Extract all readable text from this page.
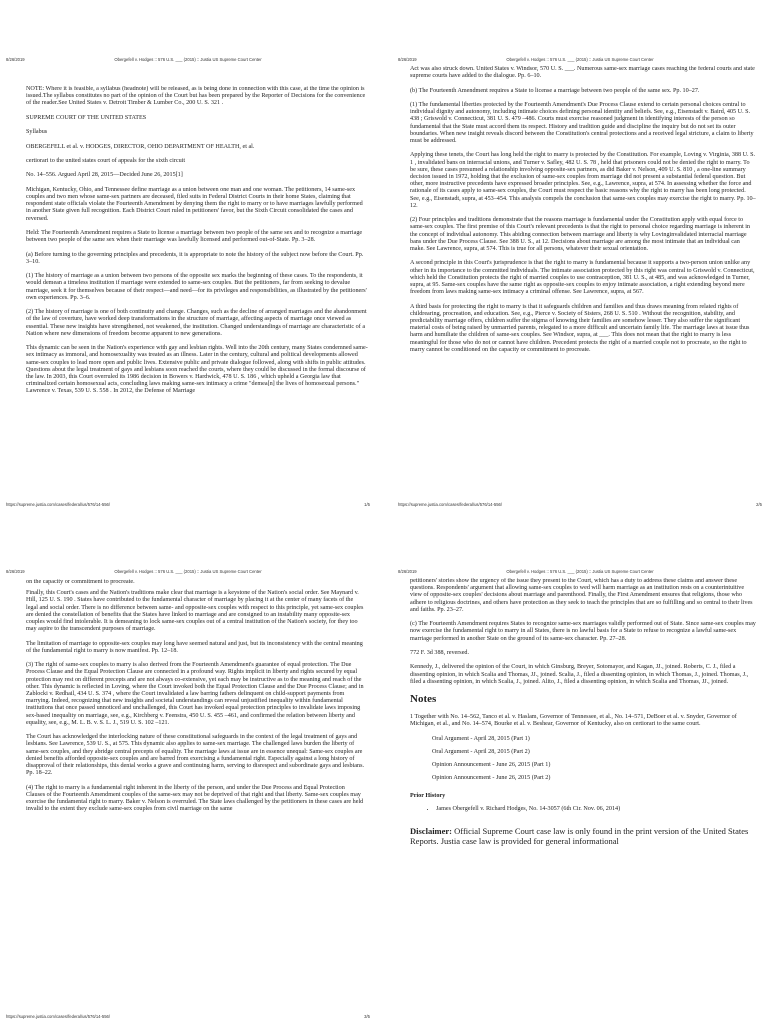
8/26/2019	Obergefell v. Hodges :: 576 U.S. ___ (2015) :: Justia US Supreme Court Center

NOTE: Where it is feasible, a syllabus (headnote) will be released, as is being done in connection with this case, at the time the opinion is issued.The syllabus constitutes no part of the opinion of the Court but has been prepared by the Reporter of Decisions for the convenience of the reader.See United States v. Detroit Timber & Lumber Co., 200 U. S. 321 .

SUPREME COURT OF THE UNITED STATES

Syllabus

OBERGEFELL et al. v. HODGES, DIRECTOR, OHIO DEPARTMENT OF HEALTH, et al.

certiorari to the united states court of appeals for the sixth circuit

No. 14–556. Argued April 28, 2015—Decided June 26, 2015[1]

Michigan, Kentucky, Ohio, and Tennessee define marriage as a union between one man and one woman. The petitioners, 14 same-sex couples and two men whose same-sex partners are deceased, filed suits in Federal District Courts in their home States, claiming that respondent state officials violate the Fourteenth Amendment by denying them the right to marry or to have marriages lawfully performed in another State given full recognition. Each District Court ruled in petitioners' favor, but the Sixth Circuit consolidated the cases and reversed.

Held: The Fourteenth Amendment requires a State to license a marriage between two people of the same sex and to recognize a marriage between two people of the same sex when their marriage was lawfully licensed and performed out-of-State. Pp. 3–28.

(a) Before turning to the governing principles and precedents, it is appropriate to note the history of the subject now before the Court. Pp. 3–10.

(1) The history of marriage as a union between two persons of the opposite sex marks the beginning of these cases. To the respondents, it would demean a timeless institution if marriage were extended to same-sex couples. But the petitioners, far from seeking to devalue marriage, seek it for themselves because of their respect—and need—for its privileges and responsibilities, as illustrated by the petitioners' own experiences. Pp. 3–6.

(2) The history of marriage is one of both continuity and change. Changes, such as the decline of arranged marriages and the abandonment of the law of coverture, have worked deep transformations in the structure of marriage, affecting aspects of marriage once viewed as essential. These new insights have strengthened, not weakened, the institution. Changed understandings of marriage are characteristic of a Nation where new dimensions of freedom become apparent to new generations.

This dynamic can be seen in the Nation's experience with gay and lesbian rights. Well into the 20th century, many States condemned same-sex intimacy as immoral, and homosexuality was treated as an illness. Later in the century, cultural and political developments allowed same-sex couples to lead more open and public lives. Extensive public and private dialogue followed, along with shifts in public attitudes. Questions about the legal treatment of gays and lesbians soon reached the courts, where they could be discussed in the formal discourse of the law. In 2003, this Court overruled its 1986 decision in Bowers v. Hardwick, 478 U. S. 186 , which upheld a Georgia law that criminalized certain homosexual acts, concluding laws making same-sex intimacy a crime "demea[n] the lives of homosexual persons." Lawrence v. Texas, 539 U. S. 558 . In 2012, the Defense of Marriage

https://supreme.justia.com/cases/federal/us/576/14-556/	1/5
8/26/2019	Obergefell v. Hodges :: 576 U.S. ___ (2015) :: Justia US Supreme Court Center

Act was also struck down. United States v. Windsor, 570 U. S. ___. Numerous same-sex marriage cases reaching the federal courts and state supreme courts have added to the dialogue. Pp. 6–10.

(b) The Fourteenth Amendment requires a State to license a marriage between two people of the same sex. Pp. 10–27.

(1) The fundamental liberties protected by the Fourteenth Amendment's Due Process Clause extend to certain personal choices central to individual dignity and autonomy, including intimate choices defining personal identity and beliefs. See, e.g., Eisenstadt v. Baird, 405 U. S. 438 ; Griswold v. Connecticut, 381 U. S. 479 –486. Courts must exercise reasoned judgment in identifying interests of the person so fundamental that the State must accord them its respect. History and tradition guide and discipline the inquiry but do not set its outer boundaries. When new insight reveals discord between the Constitution's central protections and a received legal stricture, a claim to liberty must be addressed.

Applying these tenets, the Court has long held the right to marry is protected by the Constitution. For example, Loving v. Virginia, 388 U. S. 1 , invalidated bans on interracial unions, and Turner v. Safley, 482 U. S. 78 , held that prisoners could not be denied the right to marry. To be sure, these cases presumed a relationship involving opposite-sex partners, as did Baker v. Nelson, 409 U. S. 810 , a one-line summary decision issued in 1972, holding that the exclusion of same-sex couples from marriage did not present a substantial federal question. But other, more instructive precedents have expressed broader principles. See, e.g., Lawrence, supra, at 574. In assessing whether the force and rationale of its cases apply to same-sex couples, the Court must respect the basic reasons why the right to marry has been long protected. See, e.g., Eisenstadt, supra, at 453–454. This analysis compels the conclusion that same-sex couples may exercise the right to marry. Pp. 10–12.

(2) Four principles and traditions demonstrate that the reasons marriage is fundamental under the Constitution apply with equal force to same-sex couples. The first premise of this Court's relevant precedents is that the right to personal choice regarding marriage is inherent in the concept of individual autonomy. This abiding connection between marriage and liberty is why Lovinginvalidated interracial marriage bans under the Due Process Clause. See 388 U. S., at 12. Decisions about marriage are among the most intimate that an individual can make. See Lawrence, supra, at 574. This is true for all persons, whatever their sexual orientation.

A second principle in this Court's jurisprudence is that the right to marry is fundamental because it supports a two-person union unlike any other in its importance to the committed individuals. The intimate association protected by this right was central to Griswold v. Connecticut, which held the Constitution protects the right of married couples to use contraception, 381 U. S., at 485, and was acknowledged in Turner, supra, at 95. Same-sex couples have the same right as opposite-sex couples to enjoy intimate association, a right extending beyond mere freedom from laws making same-sex intimacy a criminal offense. See Lawrence, supra, at 567.

A third basis for protecting the right to marry is that it safeguards children and families and thus draws meaning from related rights of childrearing, procreation, and education. See, e.g., Pierce v. Society of Sisters, 268 U. S. 510 . Without the recognition, stability, and predictability marriage offers, children suffer the stigma of knowing their families are somehow lesser. They also suffer the significant material costs of being raised by unmarried parents, relegated to a more difficult and uncertain family life. The marriage laws at issue thus harm and humiliate the children of same-sex couples. See Windsor, supra, at ___. This does not mean that the right to marry is less meaningful for those who do not or cannot have children. Precedent protects the right of a married couple not to procreate, so the right to marry cannot be conditioned on the capacity or commitment to procreate.

https://supreme.justia.com/cases/federal/us/576/14-556/	2/5
8/26/2019	Obergefell v. Hodges :: 576 U.S. ___ (2015) :: Justia US Supreme Court Center

on the capacity or commitment to procreate.

Finally, this Court's cases and the Nation's traditions make clear that marriage is a keystone of the Nation's social order. See Maynard v. Hill, 125 U. S. 190 . States have contributed to the fundamental character of marriage by placing it at the center of many facets of the legal and social order. There is no difference between same- and opposite-sex couples with respect to this principle, yet same-sex couples are denied the constellation of benefits that the States have linked to marriage and are consigned to an instability many opposite-sex couples would find intolerable. It is demeaning to lock same-sex couples out of a central institution of the Nation's society, for they too may aspire to the transcendent purposes of marriage.

The limitation of marriage to opposite-sex couples may long have seemed natural and just, but its inconsistency with the central meaning of the fundamental right to marry is now manifest. Pp. 12–18.

(3) The right of same-sex couples to marry is also derived from the Fourteenth Amendment's guarantee of equal protection. The Due Process Clause and the Equal Protection Clause are connected in a profound way. Rights implicit in liberty and rights secured by equal protection may rest on different precepts and are not always co-extensive, yet each may be instructive as to the meaning and reach of the other. This dynamic is reflected in Loving, where the Court invoked both the Equal Protection Clause and the Due Process Clause; and in Zablocki v. Redhail, 434 U. S. 374 , where the Court invalidated a law barring fathers delinquent on child-support payments from marrying. Indeed, recognizing that new insights and societal understandings can reveal unjustified inequality within fundamental institutions that once passed unnoticed and unchallenged, this Court has invoked equal protection principles to invalidate laws imposing sex-based inequality on marriage, see, e.g., Kirchberg v. Feenstra, 450 U. S. 455 –461, and confirmed the relation between liberty and equality, see, e.g., M. L. B. v. S. L. J., 519 U. S. 102 –121.

The Court has acknowledged the interlocking nature of these constitutional safeguards in the context of the legal treatment of gays and lesbians. See Lawrence, 539 U. S., at 575. This dynamic also applies to same-sex marriage. The challenged laws burden the liberty of same-sex couples, and they abridge central precepts of equality. The marriage laws at issue are in essence unequal: Same-sex couples are denied benefits afforded opposite-sex couples and are barred from exercising a fundamental right. Especially against a long history of disapproval of their relationships, this denial works a grave and continuing harm, serving to disrespect and subordinate gays and lesbians. Pp. 18–22.

(4) The right to marry is a fundamental right inherent in the liberty of the person, and under the Due Process and Equal Protection Clauses of the Fourteenth Amendment couples of the same-sex may not be deprived of that right and that liberty. Same-sex couples may exercise the fundamental right to marry. Baker v. Nelson is overruled. The State laws challenged by the petitioners in these cases are held invalid to the extent they exclude same-sex couples from civil marriage on the same

https://supreme.justia.com/cases/federal/us/576/14-556/	3/5
8/26/2019	Obergefell v. Hodges :: 576 U.S. ___ (2015) :: Justia US Supreme Court Center

petitioners' stories show the urgency of the issue they present to the Court, which has a duty to address these claims and answer these questions. Respondents' argument that allowing same-sex couples to wed will harm marriage as an institution rests on a counterintuitive view of opposite-sex couples' decisions about marriage and parenthood. Finally, the First Amendment ensures that religions, those who adhere to religious doctrines, and others have protection as they seek to teach the principles that are so fulfilling and so central to their lives and faiths. Pp. 23–27.

(c) The Fourteenth Amendment requires States to recognize same-sex marriages validly performed out of State. Since same-sex couples may now exercise the fundamental right to marry in all States, there is no lawful basis for a State to refuse to recognize a lawful same-sex marriage performed in another State on the ground of its same-sex character. Pp. 27–28.

772 F. 3d 388, reversed.

Kennedy, J., delivered the opinion of the Court, in which Ginsburg, Breyer, Sotomayor, and Kagan, JJ., joined. Roberts, C. J., filed a dissenting opinion, in which Scalia and Thomas, JJ., joined. Scalia, J., filed a dissenting opinion, in which Thomas, J., joined. Thomas, J., filed a dissenting opinion, in which Scalia, J., joined. Alito, J., filed a dissenting opinion, in which Scalia and Thomas, JJ., joined.

Notes

1 Together with No. 14–562, Tanco et al. v. Haslam, Governor of Tennessee, et al., No. 14–571, DeBoer et al. v. Snyder, Governor of Michigan, et al., and No. 14–574, Bourke et al. v. Beshear, Governor of Kentucky, also on certiorari to the same court.

Oral Argument - April 28, 2015 (Part 1)
Oral Argument - April 28, 2015 (Part 2)
Opinion Announcement - June 26, 2015 (Part 1)
Opinion Announcement - June 26, 2015 (Part 2)
Prior History
• James Obergefell v. Richard Hodges, No. 14-3057 (6th Cir. Nov. 06, 2014)
Disclaimer: Official Supreme Court case law is only found in the print version of the United States Reports. Justia case law is provided for general informational
